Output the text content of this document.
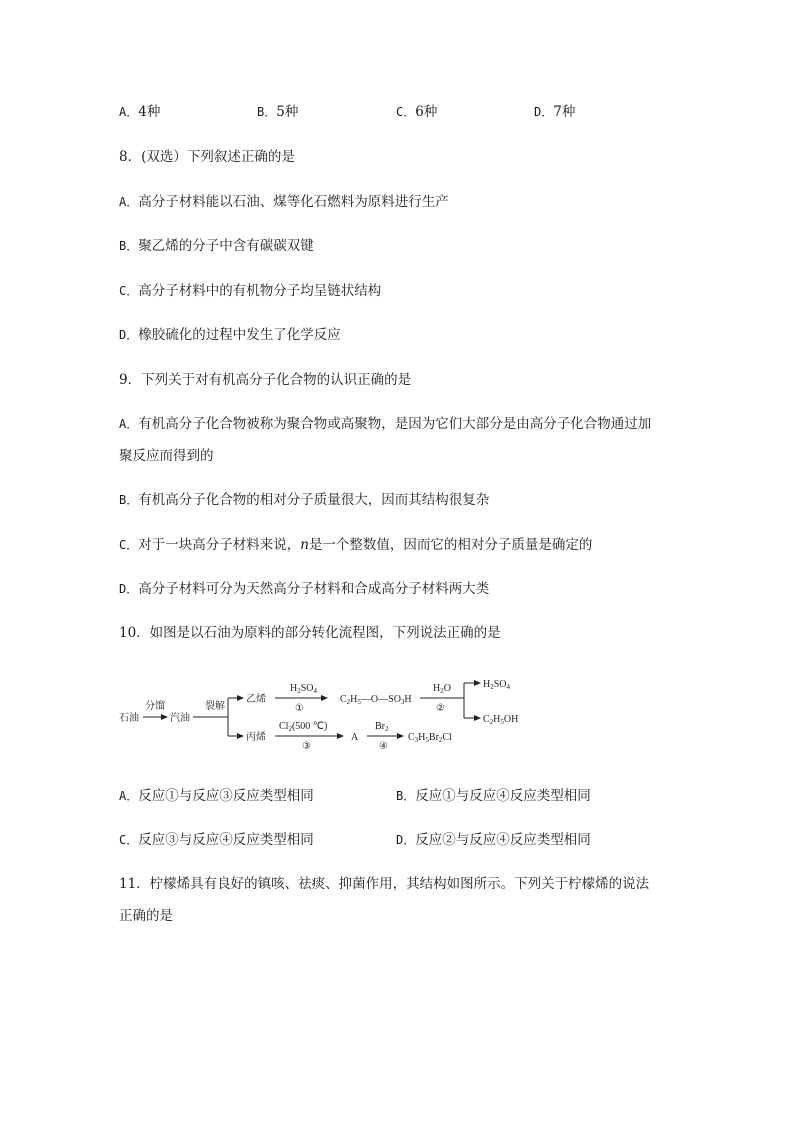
A．4种	B．5种	C．6种	D．7种
8．(双选）下列叙述正确的是
A．高分子材料能以石油、煤等化石燃料为原料进行生产
B．聚乙烯的分子中含有碳碳双键
C．高分子材料中的有机物分子均呈链状结构
D．橡胶硫化的过程中发生了化学反应
9．下列关于对有机高分子化合物的认识正确的是
A．有机高分子化合物被称为聚合物或高聚物，是因为它们大部分是由高分子化合物通过加
聚反应而得到的
B．有机高分子化合物的相对分子质量很大，因而其结构很复杂
C．对于一块高分子材料来说，n是一个整数值，因而它的相对分子质量是确定的
D．高分子材料可分为天然高分子材料和合成高分子材料两大类
10．如图是以石油为原料的部分转化流程图，下列说法正确的是
石油
分馏
汽油
裂解
乙烯
$H_2SO_4$
①
$C_2H_5—O—SO_3H$
$H_2O$
②
$H_2SO_4$
$C_2H_5OH$
丙烯
$Cl_2(500$ ℃)
③
A
$Br_2$
④
$C_3H_5Br_2Cl$
A．反应①与反应③反应类型相同	B．反应①与反应④反应类型相同
C．反应③与反应④反应类型相同	D．反应②与反应④反应类型相同
11．柠檬烯具有良好的镇咳、祛痰、抑菌作用，其结构如图所示。下列关于柠檬烯的说法
正确的是
